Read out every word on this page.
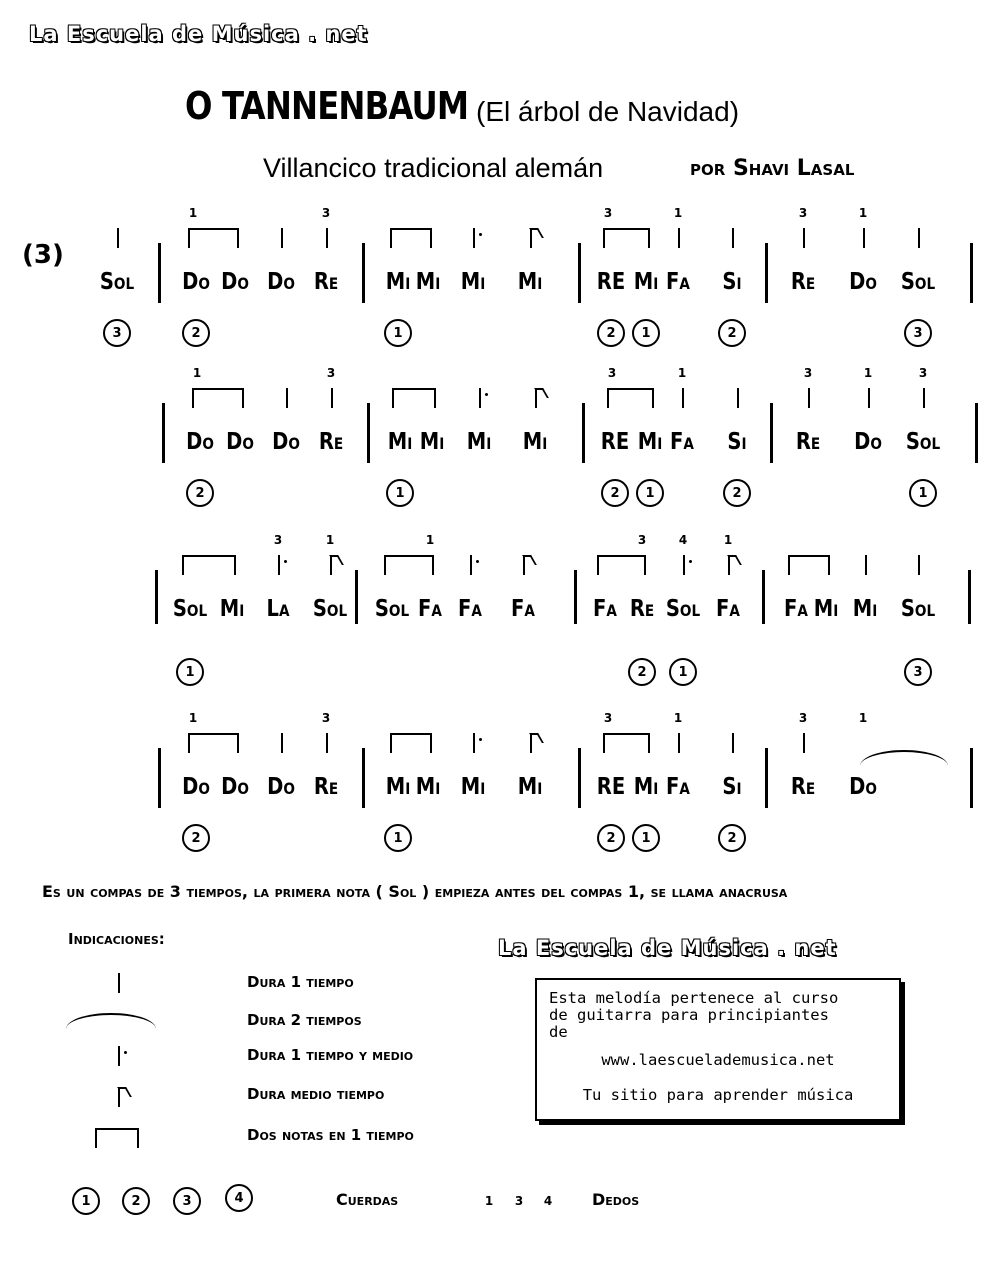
La Escuela de Música . net
O TANNENBAUM (El árbol de Navidad)
Villancico tradicional alemán	por Shavi Lasal
(3)
Sol
3
Do
1
2
Do Do Re
3
Mi
1
Mi Mi Mi RE
3
2
Mi
1
Fa
1
Si
2
Re
3
Do
1
Sol
3
Do
1
2
Do Do Re
3
Mi
1
Mi Mi Mi RE
3
2
Mi
1
Fa
1
Si
2
Re
3
Do
1
Sol
3
1
Sol
1
Mi La
3
Sol
1
Sol Fa
1
Fa Fa	Fa Re
3
2
Sol
4
1
Fa
1
Fa Mi Mi Sol
3
Do
1
2
Do Do Re
3
Mi
1
Mi Mi Mi RE
3
2
Mi
1
Fa
1
Si
2
Re
3
Do
1
Es un compas de 3 tiempos, la primera nota ( Sol ) empieza antes del compas 1, se llama anacrusa
Indicaciones:
Dura 1 tiempo
Dura 2 tiempos
Dura 1 tiempo y medio
Dura medio tiempo
Dos notas en 1 tiempo
1	2	3	4	Cuerdas	1 3 4 Dedos
La Escuela de Música . net
Esta melodía pertenece al curso
de guitarra para principiantes
de
www.laescuelademusica.net
Tu sitio para aprender música
